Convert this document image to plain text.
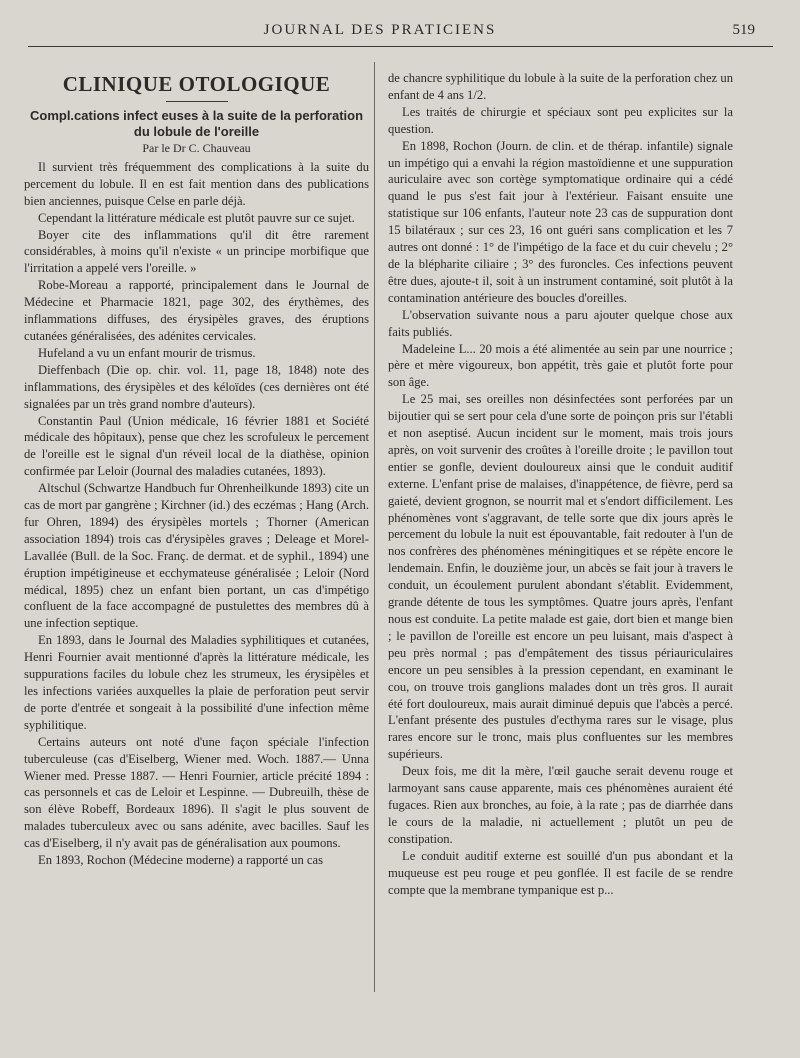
JOURNAL DES PRATICIENS	519
CLINIQUE OTOLOGIQUE
Compl.cations infect euses à la suite de la perforation
du lobule de l'oreille
Par le Dr C. Chauveau

Il survient très fréquemment des complications à la suite du percement du lobule. Il en est fait mention dans des publications bien anciennes, puisque Celse en parle déjà.

Cependant la littérature médicale est plutôt pauvre sur ce sujet.

Boyer cite des inflammations qu'il dit être rarement considérables, à moins qu'il n'existe « un principe morbifique que l'irritation a appelé vers l'oreille. »

Robe-Moreau a rapporté, principalement dans le Journal de Médecine et Pharmacie 1821, page 302, des érythèmes, des inflammations diffuses, des érysipèles graves, des éruptions cutanées généralisées, des adénites cervicales.

Hufeland a vu un enfant mourir de trismus.

Dieffenbach (Die op. chir. vol. 11, page 18, 1848) note des inflammations, des érysipèles et des kéloïdes (ces dernières ont été signalées par un très grand nombre d'auteurs).

Constantin Paul (Union médicale, 16 février 1881 et Société médicale des hôpitaux), pense que chez les scrofuleux le percement de l'oreille est le signal d'un réveil local de la diathèse, opinion confirmée par Leloir (Journal des maladies cutanées, 1893).

Altschul (Schwartze Handbuch fur Ohrenheilkunde 1893) cite un cas de mort par gangrène ; Kirchner (id.) des eczémas ; Hang (Arch. fur Ohren, 1894) des érysipèles mortels ; Thorner (American association 1894) trois cas d'érysipèles graves ; Deleage et Morel-Lavallée (Bull. de la Soc. Franç. de dermat. et de syphil., 1894) une éruption impétigineuse et ecchymateuse généralisée ; Leloir (Nord médical, 1895) chez un enfant bien portant, un cas d'impétigo confluent de la face accompagné de pustulettes des membres dû à une infection septique.

En 1893, dans le Journal des Maladies syphilitiques et cutanées, Henri Fournier avait mentionné d'après la littérature médicale, les suppurations faciles du lobule chez les strumeux, les érysipèles et les infections variées auxquelles la plaie de perforation peut servir de porte d'entrée et songeait à la possibilité d'une infection même syphilitique.

Certains auteurs ont noté d'une façon spéciale l'infection tuberculeuse (cas d'Eiselberg, Wiener med. Woch. 1887.— Unna Wiener med. Presse 1887. — Henri Fournier, article précité 1894 : cas personnels et cas de Leloir et Lespinne. — Dubreuilh, thèse de son élève Robeff, Bordeaux 1896). Il s'agit le plus souvent de malades tuberculeux avec ou sans adénite, avec bacilles. Sauf les cas d'Eiselberg, il n'y avait pas de généralisation aux poumons.

En 1893, Rochon (Médecine moderne) a rapporté un cas

de chancre syphilitique du lobule à la suite de la perforation chez un enfant de 4 ans 1/2.

Les traités de chirurgie et spéciaux sont peu explicites sur la question.

En 1898, Rochon (Journ. de clin. et de thérap. infantile) signale un impétigo qui a envahi la région mastoïdienne et une suppuration auriculaire avec son cortège symptomatique ordinaire qui a cédé quand le pus s'est fait jour à l'extérieur. Faisant ensuite une statistique sur 106 enfants, l'auteur note 23 cas de suppuration dont 15 bilatéraux ; sur ces 23, 16 ont guéri sans complication et les 7 autres ont donné : 1° de l'impétigo de la face et du cuir chevelu ; 2° de la blépharite ciliaire ; 3° des furoncles. Ces infections peuvent être dues, ajoute-t il, soit à un instrument contaminé, soit plutôt à la contamination antérieure des boucles d'oreilles.

L'observation suivante nous a paru ajouter quelque chose aux faits publiés.

Madeleine L... 20 mois a été alimentée au sein par une nourrice ; père et mère vigoureux, bon appétit, très gaie et plutôt forte pour son âge.

Le 25 mai, ses oreilles non désinfectées sont perforées par un bijoutier qui se sert pour cela d'une sorte de poinçon pris sur l'établi et non aseptisé. Aucun incident sur le moment, mais trois jours après, on voit survenir des croûtes à l'oreille droite ; le pavillon tout entier se gonfle, devient douloureux ainsi que le conduit auditif externe. L'enfant prise de malaises, d'inappétence, de fièvre, perd sa gaieté, devient grognon, se nourrit mal et s'endort difficilement. Les phénomènes vont s'aggravant, de telle sorte que dix jours après le percement du lobule la nuit est épouvantable, fait redouter à l'un de nos confrères des phénomènes méningitiques et se répète encore le lendemain. Enfin, le douzième jour, un abcès se fait jour à travers le conduit, un écoulement purulent abondant s'établit. Evidemment, grande détente de tous les symptômes. Quatre jours après, l'enfant nous est conduite. La petite malade est gaie, dort bien et mange bien ; le pavillon de l'oreille est encore un peu luisant, mais d'aspect à peu près normal ; pas d'empâtement des tissus périauriculaires encore un peu sensibles à la pression cependant, en examinant le cou, on trouve trois ganglions malades dont un très gros. Il aurait été fort douloureux, mais aurait diminué depuis que l'abcès a percé. L'enfant présente des pustules d'ecthyma rares sur le visage, plus rares encore sur le tronc, mais plus confluentes sur les membres supérieurs.

Deux fois, me dit la mère, l'œil gauche serait devenu rouge et larmoyant sans cause apparente, mais ces phénomènes auraient été fugaces. Rien aux bronches, au foie, à la rate ; pas de diarrhée dans le cours de la maladie, ni actuellement ; plutôt un peu de constipation.

Le conduit auditif externe est souillé d'un pus abondant et la muqueuse est peu rouge et peu gonflée. Il est facile de se rendre compte que la membrane tympanique est p...
